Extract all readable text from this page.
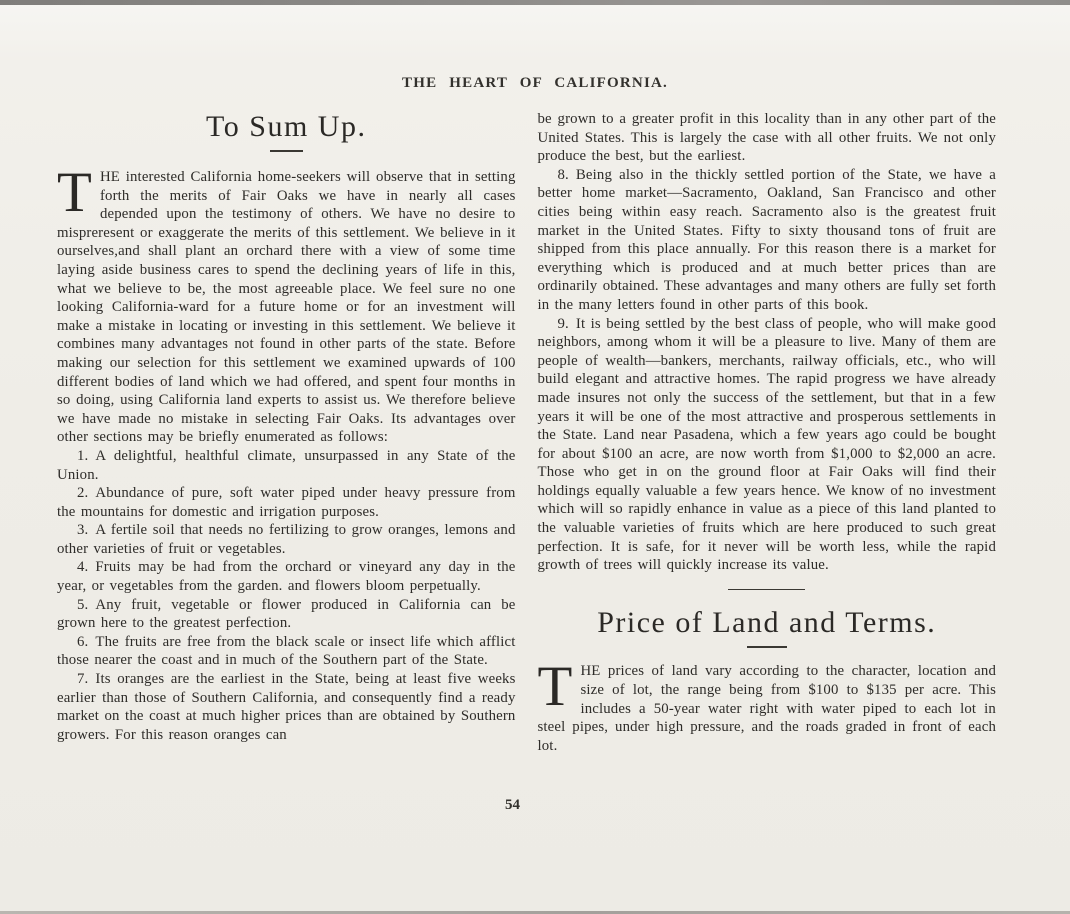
THE HEART OF CALIFORNIA.
To Sum Up.

THE interested California home-seekers will observe that in setting forth the merits of Fair Oaks we have in nearly all cases depended upon the testimony of others. We have no desire to mispreresent or exaggerate the merits of this settlement. We believe in it ourselves,and shall plant an orchard there with a view of some time laying aside business cares to spend the declining years of life in this, what we believe to be, the most agreeable place. We feel sure no one looking California-ward for a future home or for an investment will make a mistake in locating or investing in this settlement. We believe it combines many advantages not found in other parts of the state. Before making our selection for this settlement we examined upwards of 100 different bodies of land which we had offered, and spent four months in so doing, using California land experts to assist us. We therefore believe we have made no mistake in selecting Fair Oaks. Its advantages over other sections may be briefly enumerated as follows:

1. A delightful, healthful climate, unsurpassed in any State of the Union.

2. Abundance of pure, soft water piped under heavy pressure from the mountains for domestic and irrigation purposes.

3. A fertile soil that needs no fertilizing to grow oranges, lemons and other varieties of fruit or vegetables.

4. Fruits may be had from the orchard or vineyard any day in the year, or vegetables from the garden. and flowers bloom perpetually.

5. Any fruit, vegetable or flower produced in California can be grown here to the greatest perfection.

6. The fruits are free from the black scale or insect life which afflict those nearer the coast and in much of the Southern part of the State.

7. Its oranges are the earliest in the State, being at least five weeks earlier than those of Southern California, and consequently find a ready market on the coast at much higher prices than are obtained by Southern growers. For this reason oranges can

be grown to a greater profit in this locality than in any other part of the United States. This is largely the case with all other fruits. We not only produce the best, but the earliest.

8. Being also in the thickly settled portion of the State, we have a better home market—Sacramento, Oakland, San Francisco and other cities being within easy reach. Sacramento also is the greatest fruit market in the United States. Fifty to sixty thousand tons of fruit are shipped from this place annually. For this reason there is a market for everything which is produced and at much better prices than are ordinarily obtained. These advantages and many others are fully set forth in the many letters found in other parts of this book.

9. It is being settled by the best class of people, who will make good neighbors, among whom it will be a pleasure to live. Many of them are people of wealth—bankers, merchants, railway officials, etc., who will build elegant and attractive homes. The rapid progress we have already made insures not only the success of the settlement, but that in a few years it will be one of the most attractive and prosperous settlements in the State. Land near Pasadena, which a few years ago could be bought for about $100 an acre, are now worth from $1,000 to $2,000 an acre. Those who get in on the ground floor at Fair Oaks will find their holdings equally valuable a few years hence. We know of no investment which will so rapidly enhance in value as a piece of this land planted to the valuable varieties of fruits which are here produced to such great perfection. It is safe, for it never will be worth less, while the rapid growth of trees will quickly increase its value.

Price of Land and Terms.

THE prices of land vary according to the character, location and size of lot, the range being from $100 to $135 per acre. This includes a 50-year water right with water piped to each lot in steel pipes, under high pressure, and the roads graded in front of each lot.

54
